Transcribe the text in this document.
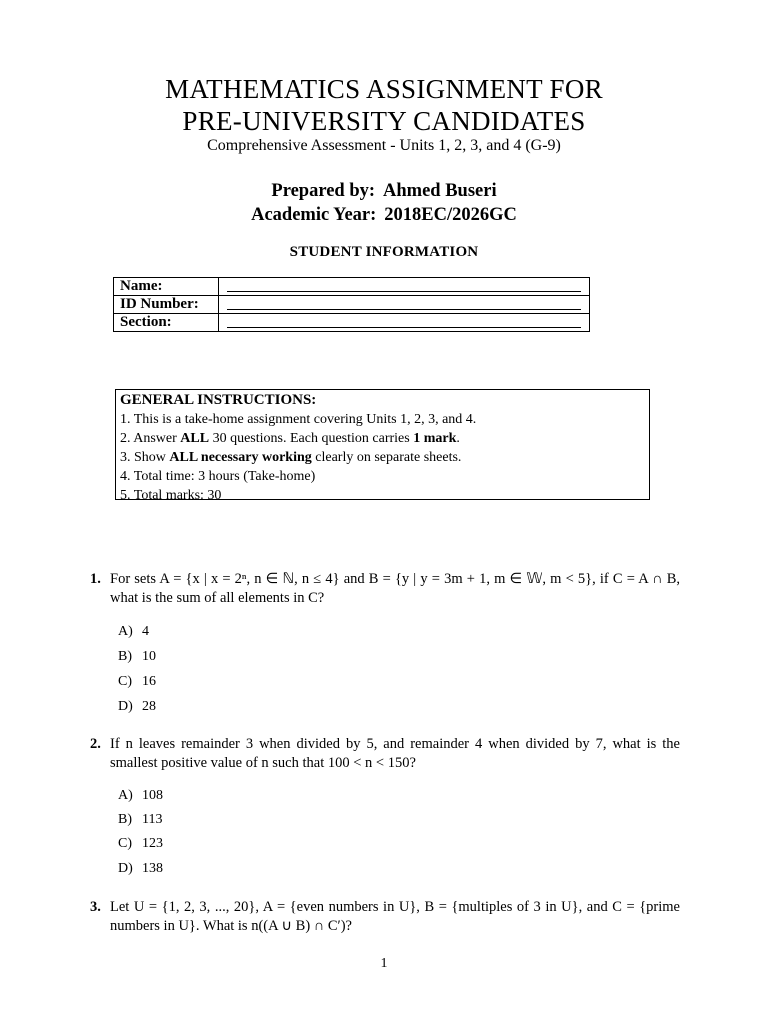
MATHEMATICS ASSIGNMENT FOR
PRE-UNIVERSITY CANDIDATES
Comprehensive Assessment - Units 1, 2, 3, and 4 (G-9)
Prepared by: Ahmed Buseri
Academic Year: 2018EC/2026GC
STUDENT INFORMATION
Name:	

ID Number:	

Section:	
GENERAL INSTRUCTIONS:
1. This is a take-home assignment covering Units 1, 2, 3, and 4.
2. Answer ALL 30 questions. Each question carries 1 mark.
3. Show ALL necessary working clearly on separate sheets.
4. Total time: 3 hours (Take-home)
5. Total marks: 30
1. For sets A = {x | x = 2ⁿ, n ∈ ℕ, n ≤ 4} and B = {y | y = 3m + 1, m ∈ 𝕎, m < 5}, if C = A ∩ B, what is the sum of all elements in C?
A) 4
B) 10
C) 16
D) 28
2. If n leaves remainder 3 when divided by 5, and remainder 4 when divided by 7, what is the smallest positive value of n such that 100 < n < 150?
A) 108
B) 113
C) 123
D) 138
3. Let U = {1, 2, 3, ..., 20}, A = {even numbers in U}, B = {multiples of 3 in U}, and C = {prime numbers in U}. What is n((A ∪ B) ∩ C′)?
1
